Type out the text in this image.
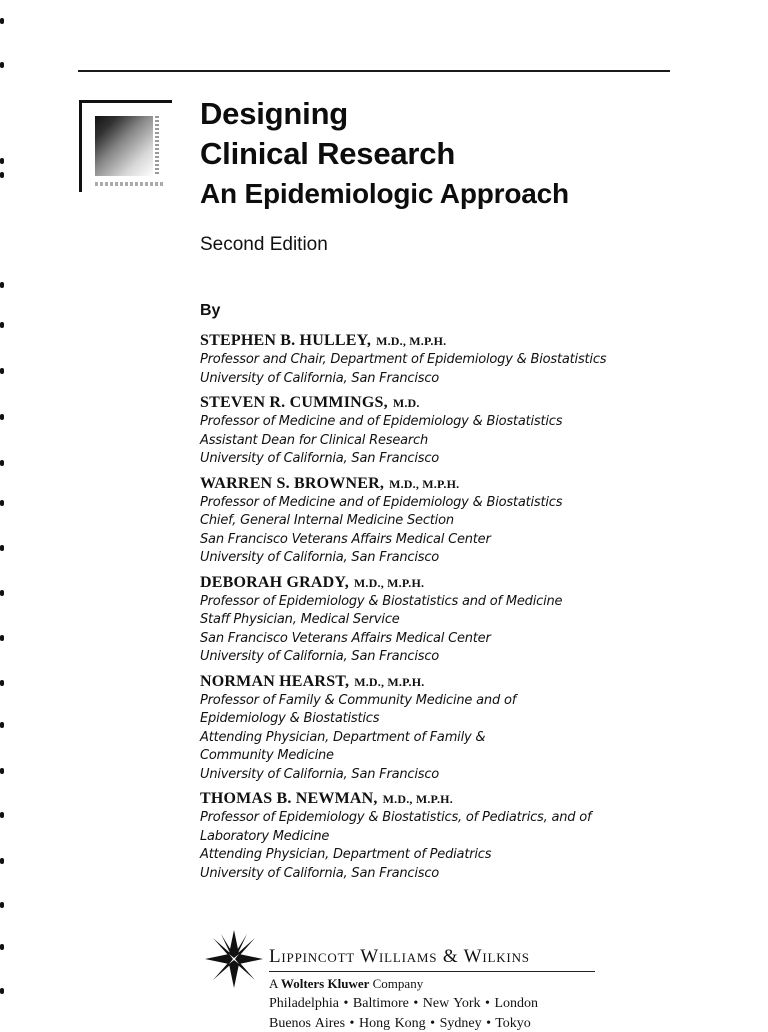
Designing
Clinical Research
An Epidemiologic Approach
Second Edition
By
STEPHEN B. HULLEY, M.D., M.P.H.
Professor and Chair, Department of Epidemiology & Biostatistics
University of California, San Francisco
STEVEN R. CUMMINGS, M.D.
Professor of Medicine and of Epidemiology & Biostatistics
Assistant Dean for Clinical Research
University of California, San Francisco
WARREN S. BROWNER, M.D., M.P.H.
Professor of Medicine and of Epidemiology & Biostatistics
Chief, General Internal Medicine Section
San Francisco Veterans Affairs Medical Center
University of California, San Francisco
DEBORAH GRADY, M.D., M.P.H.
Professor of Epidemiology & Biostatistics and of Medicine
Staff Physician, Medical Service
San Francisco Veterans Affairs Medical Center
University of California, San Francisco
NORMAN HEARST, M.D., M.P.H.
Professor of Family & Community Medicine and of
Epidemiology & Biostatistics
Attending Physician, Department of Family &
Community Medicine
University of California, San Francisco
THOMAS B. NEWMAN, M.D., M.P.H.
Professor of Epidemiology & Biostatistics, of Pediatrics, and of
Laboratory Medicine
Attending Physician, Department of Pediatrics
University of California, San Francisco
Lippincott Williams & Wilkins
A Wolters Kluwer Company
Philadelphia • Baltimore • New York • London
Buenos Aires • Hong Kong • Sydney • Tokyo
